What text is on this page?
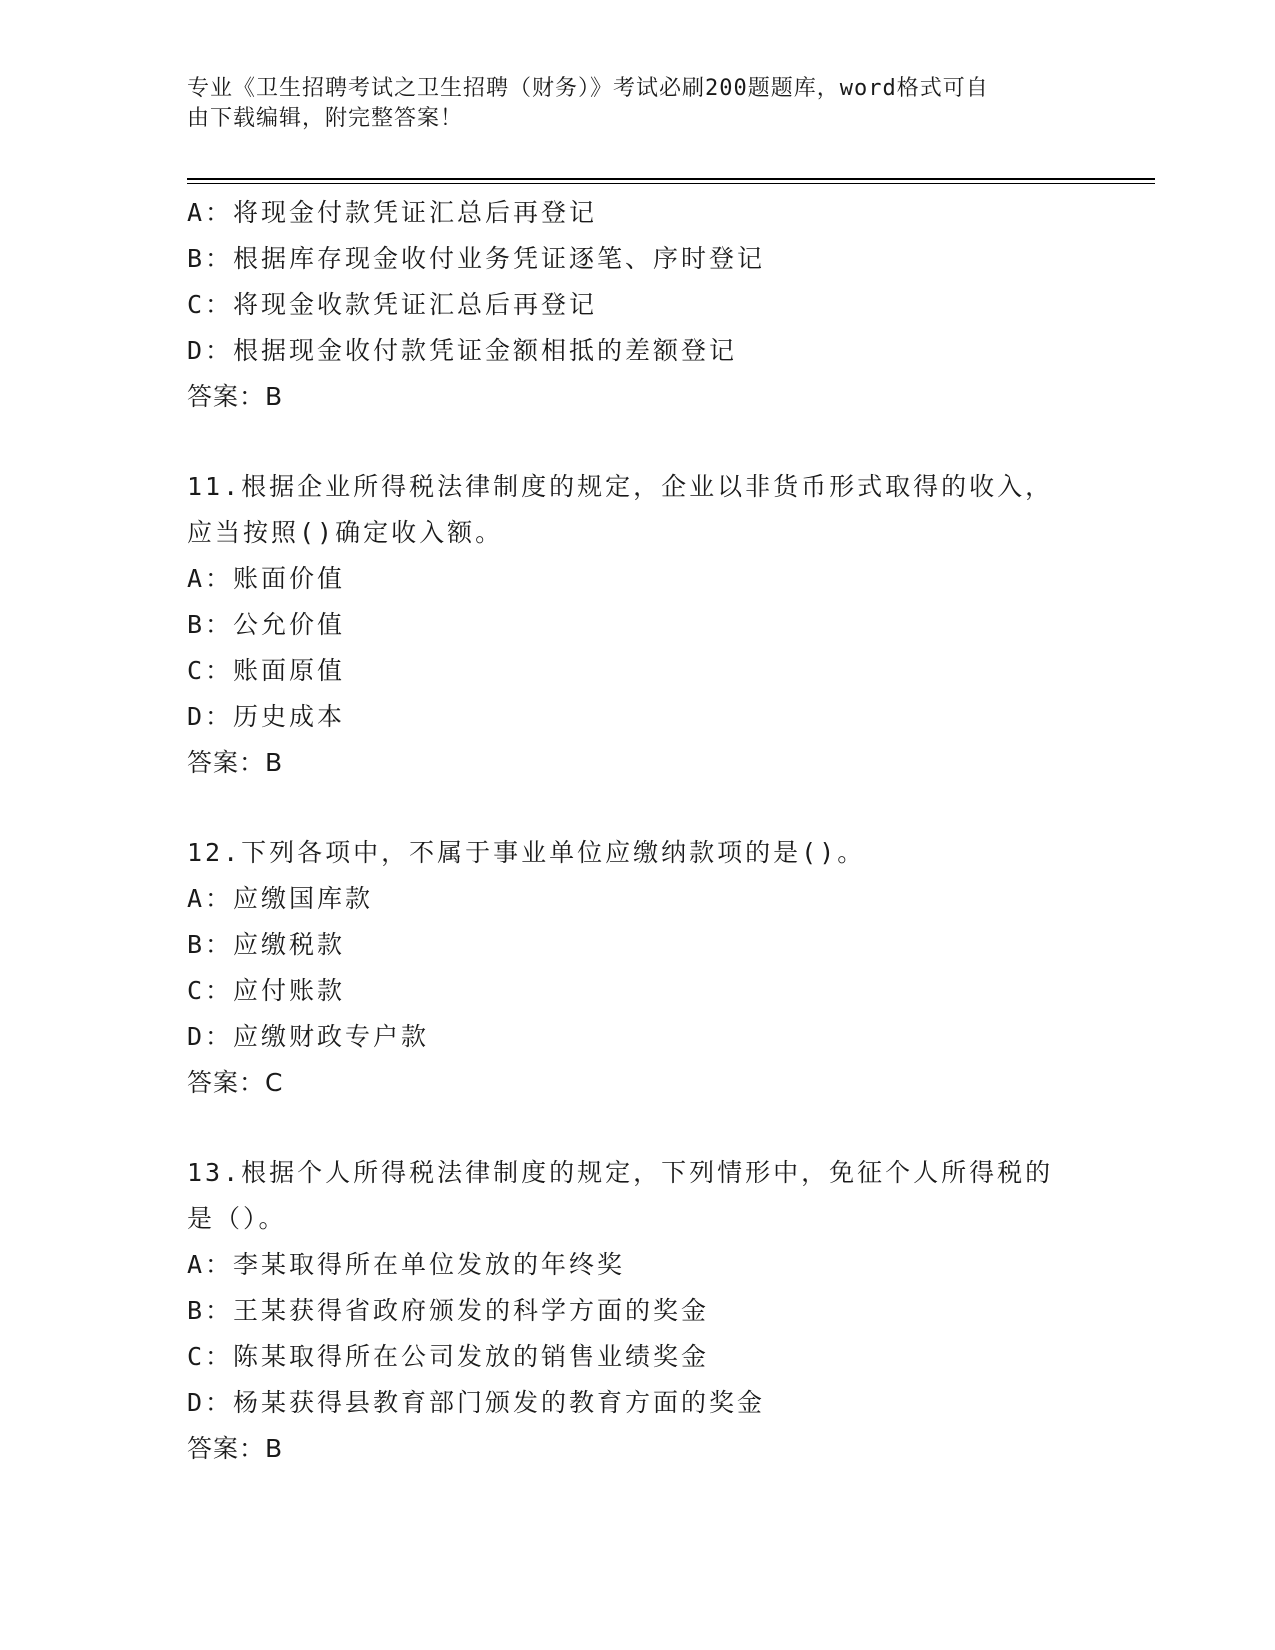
专业《卫生招聘考试之卫生招聘（财务）》考试必刷200题题库，word格式可自
由下载编辑，附完整答案！
A：将现金付款凭证汇总后再登记
B：根据库存现金收付业务凭证逐笔、序时登记
C：将现金收款凭证汇总后再登记
D：根据现金收付款凭证金额相抵的差额登记
答案：B
11.根据企业所得税法律制度的规定，企业以非货币形式取得的收入，
应当按照()确定收入额。
A：账面价值
B：公允价值
C：账面原值
D：历史成本
答案：B
12.下列各项中，不属于事业单位应缴纳款项的是()。
A：应缴国库款
B：应缴税款
C：应付账款
D：应缴财政专户款
答案：C
13.根据个人所得税法律制度的规定，下列情形中，免征个人所得税的
是（）。
A：李某取得所在单位发放的年终奖
B：王某获得省政府颁发的科学方面的奖金
C：陈某取得所在公司发放的销售业绩奖金
D：杨某获得县教育部门颁发的教育方面的奖金
答案：B
